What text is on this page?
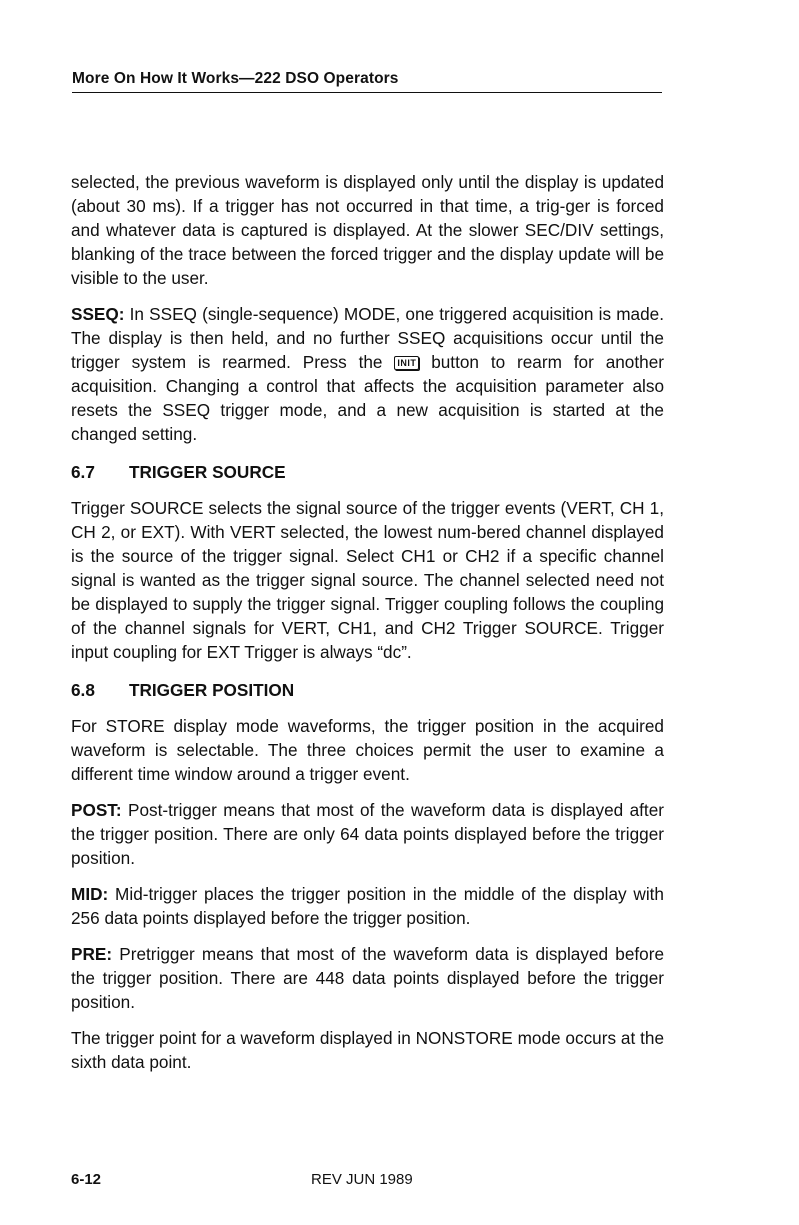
More On How It Works—222 DSO Operators

selected, the previous waveform is displayed only until the display is updated (about 30 ms). If a trigger has not occurred in that time, a trig-ger is forced and whatever data is captured is displayed. At the slower SEC/DIV settings, blanking of the trace between the forced trigger and the display update will be visible to the user.

SSEQ: In SSEQ (single-sequence) MODE, one triggered acquisition is made. The display is then held, and no further SSEQ acquisitions occur until the trigger system is rearmed. Press the INIT button to rearm for another acquisition. Changing a control that affects the acquisition parameter also resets the SSEQ trigger mode, and a new acquisition is started at the changed setting.

6.7	TRIGGER SOURCE

Trigger SOURCE selects the signal source of the trigger events (VERT, CH 1, CH 2, or EXT). With VERT selected, the lowest num-bered channel displayed is the source of the trigger signal. Select CH1 or CH2 if a specific channel signal is wanted as the trigger signal source. The channel selected need not be displayed to supply the trigger signal. Trigger coupling follows the coupling of the channel signals for VERT, CH1, and CH2 Trigger SOURCE. Trigger input coupling for EXT Trigger is always “dc”.

6.8	TRIGGER POSITION

For STORE display mode waveforms, the trigger position in the acquired waveform is selectable. The three choices permit the user to examine a different time window around a trigger event.

POST: Post-trigger means that most of the waveform data is displayed after the trigger position. There are only 64 data points displayed before the trigger position.

MID: Mid-trigger places the trigger position in the middle of the display with 256 data points displayed before the trigger position.

PRE: Pretrigger means that most of the waveform data is displayed before the trigger position. There are 448 data points displayed before the trigger position.

The trigger point for a waveform displayed in NONSTORE mode occurs at the sixth data point.

6-12	REV JUN 1989
